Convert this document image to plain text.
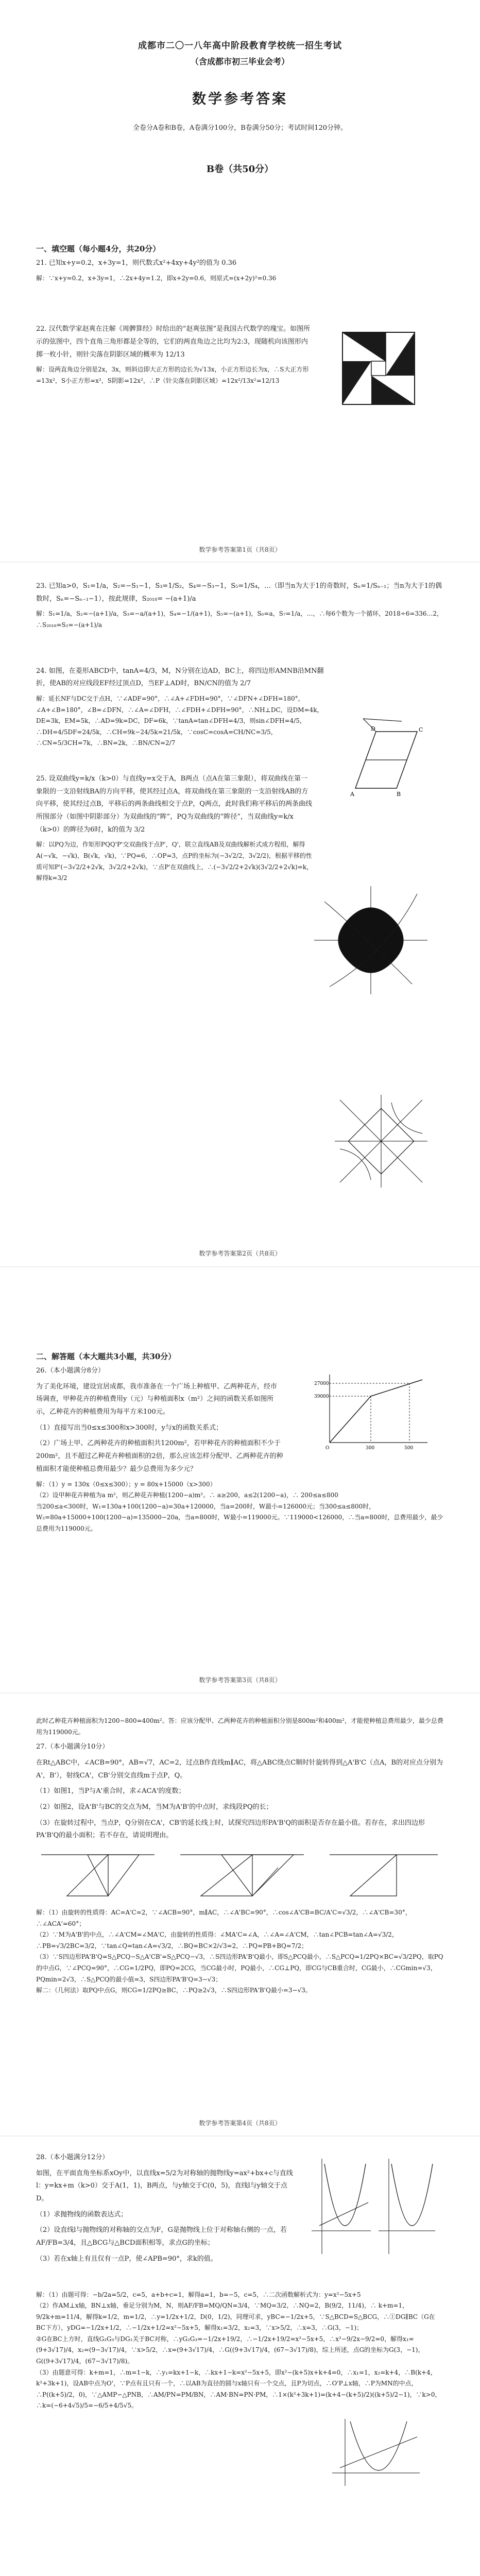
成都市二〇一八年高中阶段教育学校统一招生考试
（含成都市初三毕业会考）
数学参考答案
全卷分A卷和B卷，A卷满分100分，B卷满分50分；考试时间120分钟。
B卷（共50分）
一、填空题（每小题4分，共20分）
21. 已知x+y=0.2，x+3y=1，则代数式x²+4xy+4y²的值为 0.36
解：∵x+y=0.2，x+3y=1，∴2x+4y=1.2，即x+2y=0.6，则原式=(x+2y)²=0.36
22. 汉代数学家赵爽在注解《周髀算经》时给出的“赵爽弦图”是我国古代数学的瑰宝。如图所示的弦图中，四个直角三角形都是全等的，它们的两直角边之比均为2:3，现随机向该图形内掷一枚小针，则针尖落在阴影区域的概率为 12/13
解：设两直角边分别是2x，3x，则斜边即大正方形的边长为√13x，小正方形边长为x，∴S大正方形=13x²，S小正方形=x²，S阴影=12x²，∴P（针尖落在阴影区域）=12x²/13x²=12/13
数学参考答案第1页（共8页）
23. 已知a>0，S₁=1/a，S₂=−S₁−1，S₃=1/S₂，S₄=−S₃−1，S₅=1/S₄，…（即当n为大于1的奇数时，Sₙ=1/Sₙ₋₁；当n为大于1的偶数时，Sₙ=−Sₙ₋₁−1），按此规律，S₂₀₁₈= −(a+1)/a
解：S₁=1/a，S₂=−(a+1)/a，S₃=−a/(a+1)，S₄=−1/(a+1)，S₅=−(a+1)，S₆=a，S₇=1/a，…，∴每6个数为一个循环，2018÷6=336…2，∴S₂₀₁₈=S₂=−(a+1)/a
24. 如图，在菱形ABCD中，tanA=4/3，M，N分别在边AD，BC上，将四边形AMNB沿MN翻折，使AB的对应线段EF经过顶点D，当EF⊥AD时，BN/CN的值为 2/7
解：延长NF与DC交于点H，∵∠ADF=90°，∴∠A+∠FDH=90°，∵∠DFN+∠DFH=180°，∠A+∠B=180°，∠B=∠DFN，∴∠A=∠DFH，∴∠FDH+∠DFH=90°，∴NH⊥DC，设DM=4k，DE=3k，EM=5k，∴AD=9k=DC，DF=6k，∵tanA=tan∠DFH=4/3，则sin∠DFH=4/5，∴DH=4/5DF=24/5k，∴CH=9k−24/5k=21/5k，∵cosC=cosA=CH/NC=3/5，∴CN=5/3CH=7k，∴BN=2k，∴BN/CN=2/7
25. 设双曲线y=k/x（k>0）与直线y=x交于A，B两点（点A在第三象限），将双曲线在第一象限的一支沿射线BA的方向平移，使其经过点A，将双曲线在第三象限的一支沿射线AB的方向平移，使其经过点B，平移后的两条曲线相交于点P，Q两点，此时我们称平移后的两条曲线所围部分（如图中阴影部分）为双曲线的“眸”，PQ为双曲线的“眸径”，当双曲线y=k/x（k>0）的眸径为6时，k的值为 3/2
解：以PQ为边，作矩形PQQ'P'交双曲线于点P'，Q'，联立直线AB及双曲线解析式成方程组，解得A(−√k，−√k)，B(√k，√k)，∵PQ=6，∴OP=3，点P的坐标为(−3√2/2，3√2/2)，根据平移的性质可知P'(−3√2/2+2√k，3√2/2+2√k)，∵点P'在双曲线上，∴(−3√2/2+2√k)(3√2/2+2√k)=k，解得k=3/2
A	B
C
D
数学参考答案第2页（共8页）
二、解答题（本大题共3小题，共30分）
26.（本小题满分8分）
为了美化环境，建设宜居成都，我市准备在一个广场上种植甲、乙两种花卉，经市场调查，甲种花卉的种植费用y（元）与种植面积x（m²）之间的函数关系如图所示，乙种花卉的种植费用为每平方米100元。
（1）直接写出当0≤x≤300和x>300时，y与x的函数关系式；
（2）广场上甲、乙两种花卉的种植面积共1200m²，若甲种花卉的种植面积不少于200m²，且不超过乙种花卉种植面积的2倍，那么应该怎样分配甲、乙两种花卉的种植面积才能使种植总费用最少？最少总费用为多少元？
解：（1）y = 130x（0≤x≤300）；y = 80x+15000（x>300）
（2）设甲种花卉种植为a m²，则乙种花卉种植(1200−a)m²。∴ a≥200，a≤2(1200−a)，∴ 200≤a≤800
当200≤a<300时，W₁=130a+100(1200−a)=30a+120000，当a=200时，W最小=126000元；当300≤a≤800时，W₂=80a+15000+100(1200−a)=135000−20a，当a=800时，W最小=119000元。∵119000<126000，∴当a=800时，总费用最少，最少总费用为119000元。
27000
39000
300	500
O
数学参考答案第3页（共8页）
此时乙种花卉种植面积为1200−800=400m²。答：应该分配甲、乙两种花卉的种植面积分别是800m²和400m²，才能使种植总费用最少，最少总费用为119000元。
27.（本小题满分10分）
在Rt△ABC中，∠ACB=90°，AB=√7，AC=2，过点B作直线m∥AC，将△ABC绕点C顺时针旋转得到△A'B'C（点A，B的对应点分别为A'，B'），射线CA'，CB'分别交直线m于点P，Q。
（1）如图1，当P与A'重合时，求∠ACA'的度数；
（2）如图2，设A'B'与BC的交点为M，当M为A'B'的中点时，求线段PQ的长；
（3）在旋转过程中，当点P，Q分别在CA'，CB'的延长线上时，试探究四边形PA'B'Q的面积是否存在最小值。若存在，求出四边形PA'B'Q的最小面积；若不存在，请说明理由。
解：（1）由旋转的性质得：AC=A'C=2，∵∠ACB=90°，m∥AC，∴∠A'BC=90°，∴cos∠A'CB=BC/A'C=√3/2，∴∠A'CB=30°，∴∠ACA'=60°；
（2）∵M为A'B'的中点，∴∠A'CM=∠MA'C，由旋转的性质得：∠MA'C=∠A，∴∠A=∠A'CM，∴tan∠PCB=tan∠A=√3/2，∴PB=√3/2BC=3/2，∵tan∠Q=tan∠A=√3/2，∴BQ=BC×2/√3=2，∴PQ=PB+BQ=7/2；
（3）∵S四边形PA'B'Q=S△PCQ−S△A'CB'=S△PCQ−√3，∴S四边形PA'B'Q最小，即S△PCQ最小，∴S△PCQ=1/2PQ×BC=√3/2PQ，取PQ的中点G，∵∠PCQ=90°，∴CG=1/2PQ，即PQ=2CG，当CG最小时，PQ最小，∴CG⊥PQ，即CG与CB重合时，CG最小，∴CGmin=√3，PQmin=2√3，∴S△PCQ的最小值=3，S四边形PA'B'Q=3−√3；
解二：（几何法）取PQ中点G，则CG=1/2PQ≥BC，∴PQ≥2√3，∴S四边形PA'B'Q最小=3−√3。
数学参考答案第4页（共8页）
28.（本小题满分12分）
如图，在平面直角坐标系xOy中，以直线x=5/2为对称轴的抛物线y=ax²+bx+c与直线l：y=kx+m（k>0）交于A(1，1)，B两点，与y轴交于C(0，5)，直线l与y轴交于点D。
（1）求抛物线的函数表达式；
（2）设直线l与抛物线的对称轴的交点为F，G是抛物线上位于对称轴右侧的一点，若AF/FB=3/4，且△BCG与△BCD面积相等，求点G的坐标；
（3）若在x轴上有且仅有一点P，使∠APB=90°，求k的值。
解：（1）由题可得：−b/2a=5/2，c=5，a+b+c=1，解得a=1，b=−5，c=5，∴二次函数解析式为：y=x²−5x+5
（2）作AM⊥x轴，BN⊥x轴，垂足分别为M，N，则AF/FB=MQ/QN=3/4，∵MQ=3/2，∴NQ=2，B(9/2，11/4)，∴ k+m=1，9/2k+m=11/4，解得k=1/2，m=1/2，∴y=1/2x+1/2，D(0，1/2)，同理可求，yBC=−1/2x+5，∵S△BCD=S△BCG，∴①DG∥BC（G在BC下方），yDG=−1/2x+1/2，∴−1/2x+1/2=x²−5x+5，解得x₁=3/2，x₂=3，∵x>5/2，∴x=3，∴G(3，−1)；
②G在BC上方时，直线G₂G₃与DG₁关于BC对称，∴yG₂G₃=−1/2x+19/2，∴−1/2x+19/2=x²−5x+5，∴x²−9/2x−9/2=0，解得x₁=(9+3√17)/4，x₂=(9−3√17)/4，∵x>5/2，∴x=(9+3√17)/4，∴G((9+3√17)/4，(67−3√17)/8)，综上所述，点G的坐标为G(3，−1)，G((9+3√17)/4，(67−3√17)/8)。
（3）由题意可得：k+m=1，∴m=1−k，∴y₁=kx+1−k，∴kx+1−k=x²−5x+5，即x²−(k+5)x+k+4=0，∴x₁=1，x₂=k+4，∴B(k+4，k²+3k+1)，设AB中点为O'，∵P点有且只有一个，∴以AB为直径的圆与x轴只有一个交点，且P为切点，∴O'P⊥x轴，∴P为MN的中点，∴P((k+5)/2，0)，∵△AMP∽△PNB，∴AM/PN=PM/BN，∴AM·BN=PN·PM，∴1×(k²+3k+1)=(k+4−(k+5)/2)((k+5)/2−1)，∵k>0，∴k=(−6+4√5)/5=−6/5+4/5√5。
